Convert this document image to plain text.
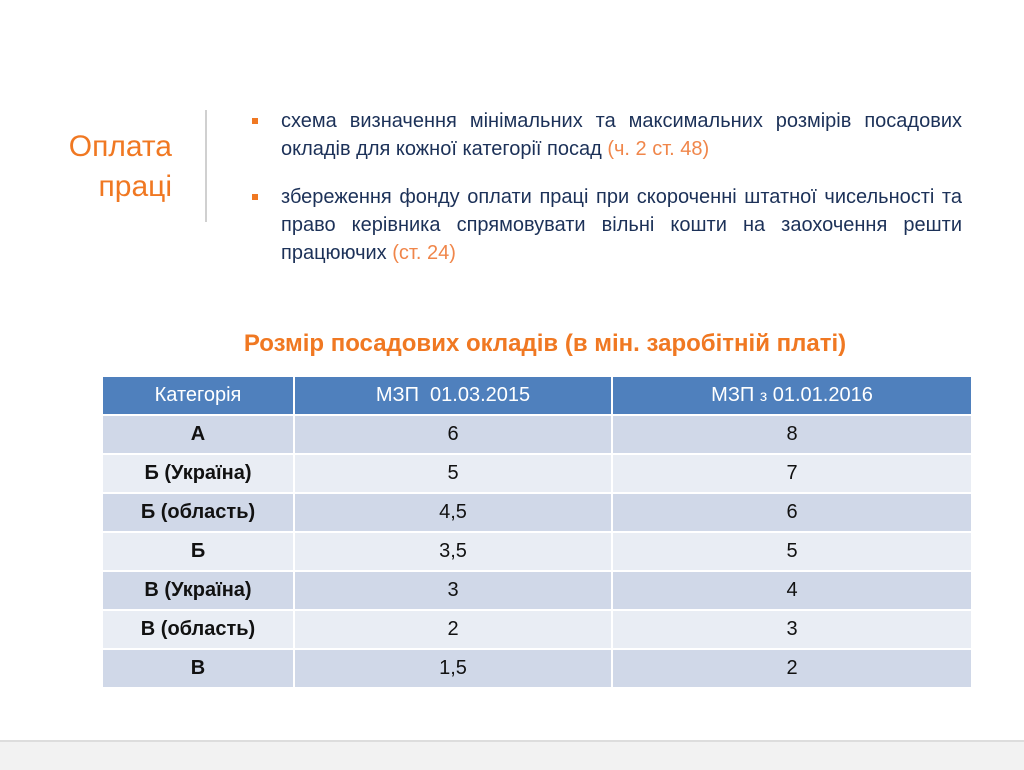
Оплата
праці
схема визначення мінімальних та максимальних розмірів посадових окладів для кожної категорії посад (ч. 2 ст. 48)
збереження фонду оплати праці при скороченні штатної чисельності та право керівника спрямовувати вільні кошти на заохочення решти працюючих (ст. 24)
Розмір посадових окладів (в мін. заробітній платі)
Категорія	МЗП  01.03.2015	МЗП з 01.01.2016
А	6	8
Б (Україна)	5	7
Б (область)	4,5	6
Б	3,5	5
В (Україна)	3	4
В (область)	2	3
В	1,5	2
